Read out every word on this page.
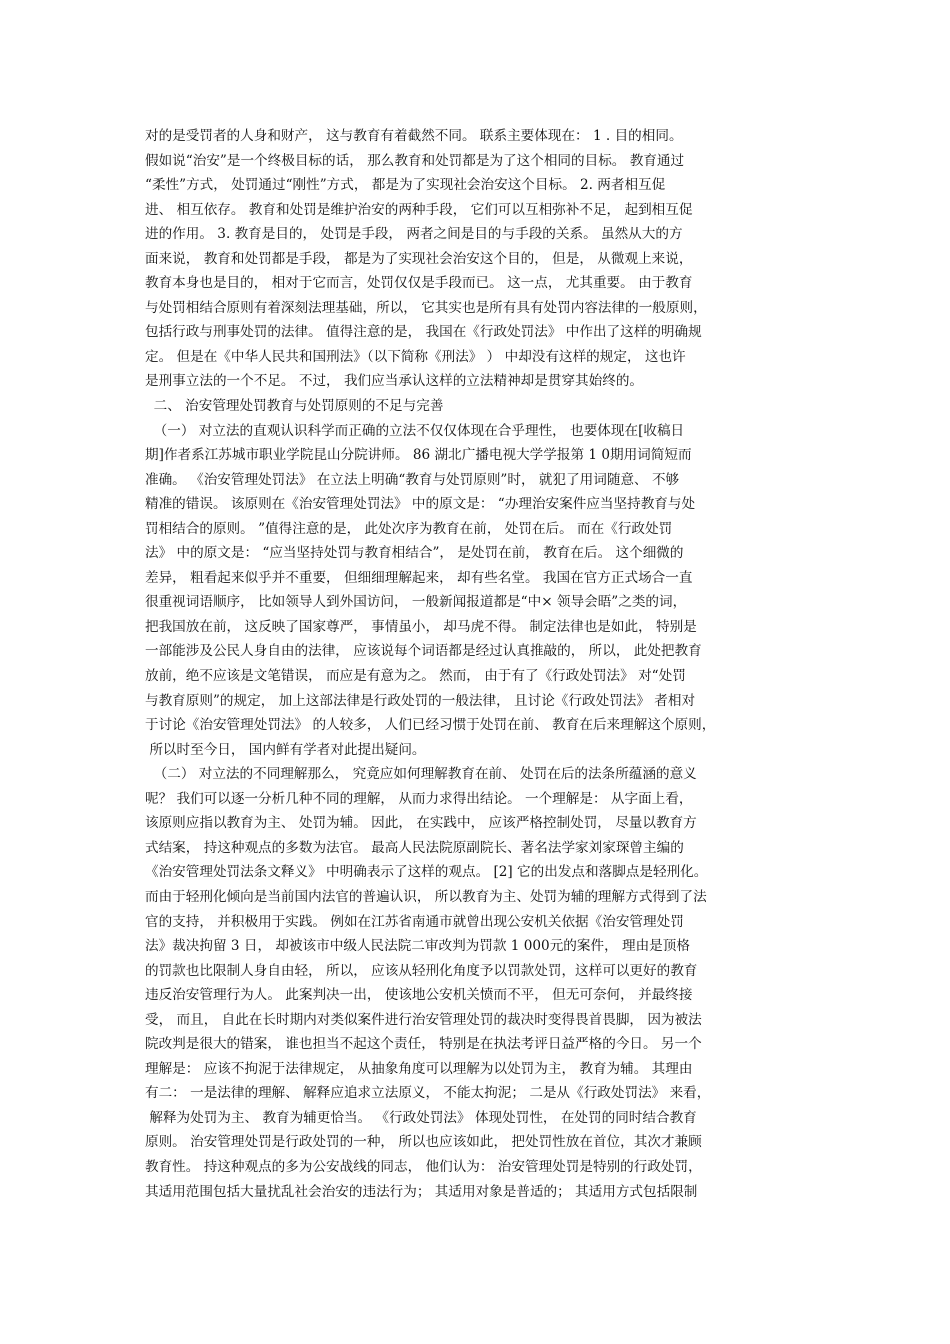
对的是受罚者的人身和财产， 这与教育有着截然不同。 联系主要体现在： 1 . 目的相同。
假如说“治安”是一个终极目标的话， 那么教育和处罚都是为了这个相同的目标。 教育通过
“柔性”方式， 处罚通过“刚性”方式， 都是为了实现社会治安这个目标。 2. 两者相互促
进、 相互依存。 教育和处罚是维护治安的两种手段， 它们可以互相弥补不足， 起到相互促
进的作用。 3. 教育是目的， 处罚是手段， 两者之间是目的与手段的关系。 虽然从大的方
面来说， 教育和处罚都是手段， 都是为了实现社会治安这个目的， 但是， 从微观上来说，
教育本身也是目的， 相对于它而言，处罚仅仅是手段而已。 这一点， 尤其重要。 由于教育
与处罚相结合原则有着深刻法理基础，所以， 它其实也是所有具有处罚内容法律的一般原则，
包括行政与刑事处罚的法律。 值得注意的是， 我国在《行政处罚法》 中作出了这样的明确规
定。 但是在《中华人民共和国刑法》（以下简称《刑法》 ） 中却没有这样的规定， 这也许
是刑事立法的一个不足。 不过， 我们应当承认这样的立法精神却是贯穿其始终的。
二、 治安管理处罚教育与处罚原则的不足与完善
（一） 对立法的直观认识科学而正确的立法不仅仅体现在合乎理性， 也要体现在[收稿日
期]作者系江苏城市职业学院昆山分院讲师。 86 湖北广播电视大学学报第 1 0期用词简短而
准确。 《治安管理处罚法》 在立法上明确“教育与处罚原则”时， 就犯了用词随意、 不够
精准的错误。 该原则在《治安管理处罚法》 中的原文是： “办理治安案件应当坚持教育与处
罚相结合的原则。 ”值得注意的是， 此处次序为教育在前， 处罚在后。 而在《行政处罚
法》 中的原文是： “应当坚持处罚与教育相结合”， 是处罚在前， 教育在后。 这个细微的
差异， 粗看起来似乎并不重要， 但细细理解起来， 却有些名堂。 我国在官方正式场合一直
很重视词语顺序， 比如领导人到外国访问， 一般新闻报道都是“中× 领导会晤”之类的词，
把我国放在前， 这反映了国家尊严， 事情虽小， 却马虎不得。 制定法律也是如此， 特别是
一部能涉及公民人身自由的法律， 应该说每个词语都是经过认真推敲的， 所以， 此处把教育
放前，绝不应该是文笔错误， 而应是有意为之。 然而， 由于有了《行政处罚法》 对“处罚
与教育原则”的规定， 加上这部法律是行政处罚的一般法律， 且讨论《行政处罚法》 者相对
于讨论《治安管理处罚法》 的人较多， 人们已经习惯于处罚在前、 教育在后来理解这个原则，
所以时至今日， 国内鲜有学者对此提出疑问。
（二） 对立法的不同理解那么， 究竟应如何理解教育在前、 处罚在后的法条所蕴涵的意义
呢？ 我们可以逐一分析几种不同的理解， 从而力求得出结论。 一个理解是： 从字面上看，
该原则应指以教育为主、 处罚为辅。 因此， 在实践中， 应该严格控制处罚， 尽量以教育方
式结案， 持这种观点的多数为法官。 最高人民法院原副院长、著名法学家刘家琛曾主编的
《治安管理处罚法条文释义》 中明确表示了这样的观点。 [2] 它的出发点和落脚点是轻刑化。
而由于轻刑化倾向是当前国内法官的普遍认识， 所以教育为主、处罚为辅的理解方式得到了法
官的支持， 并积极用于实践。 例如在江苏省南通市就曾出现公安机关依据《治安管理处罚
法》裁决拘留 3 日， 却被该市中级人民法院二审改判为罚款 1 000元的案件， 理由是顶格
的罚款也比限制人身自由轻， 所以， 应该从轻刑化角度予以罚款处罚，这样可以更好的教育
违反治安管理行为人。 此案判决一出， 使该地公安机关愤而不平， 但无可奈何， 并最终接
受， 而且， 自此在长时期内对类似案件进行治安管理处罚的裁决时变得畏首畏脚， 因为被法
院改判是很大的错案， 谁也担当不起这个责任， 特别是在执法考评日益严格的今日。 另一个
理解是： 应该不拘泥于法律规定， 从抽象角度可以理解为以处罚为主， 教育为辅。 其理由
有二： 一是法律的理解、 解释应追求立法原义， 不能太拘泥； 二是从《行政处罚法》 来看，
解释为处罚为主、 教育为辅更恰当。 《行政处罚法》 体现处罚性， 在处罚的同时结合教育
原则。 治安管理处罚是行政处罚的一种， 所以也应该如此， 把处罚性放在首位，其次才兼顾
教育性。 持这种观点的多为公安战线的同志， 他们认为： 治安管理处罚是特别的行政处罚，
其适用范围包括大量扰乱社会治安的违法行为； 其适用对象是普适的； 其适用方式包括限制
